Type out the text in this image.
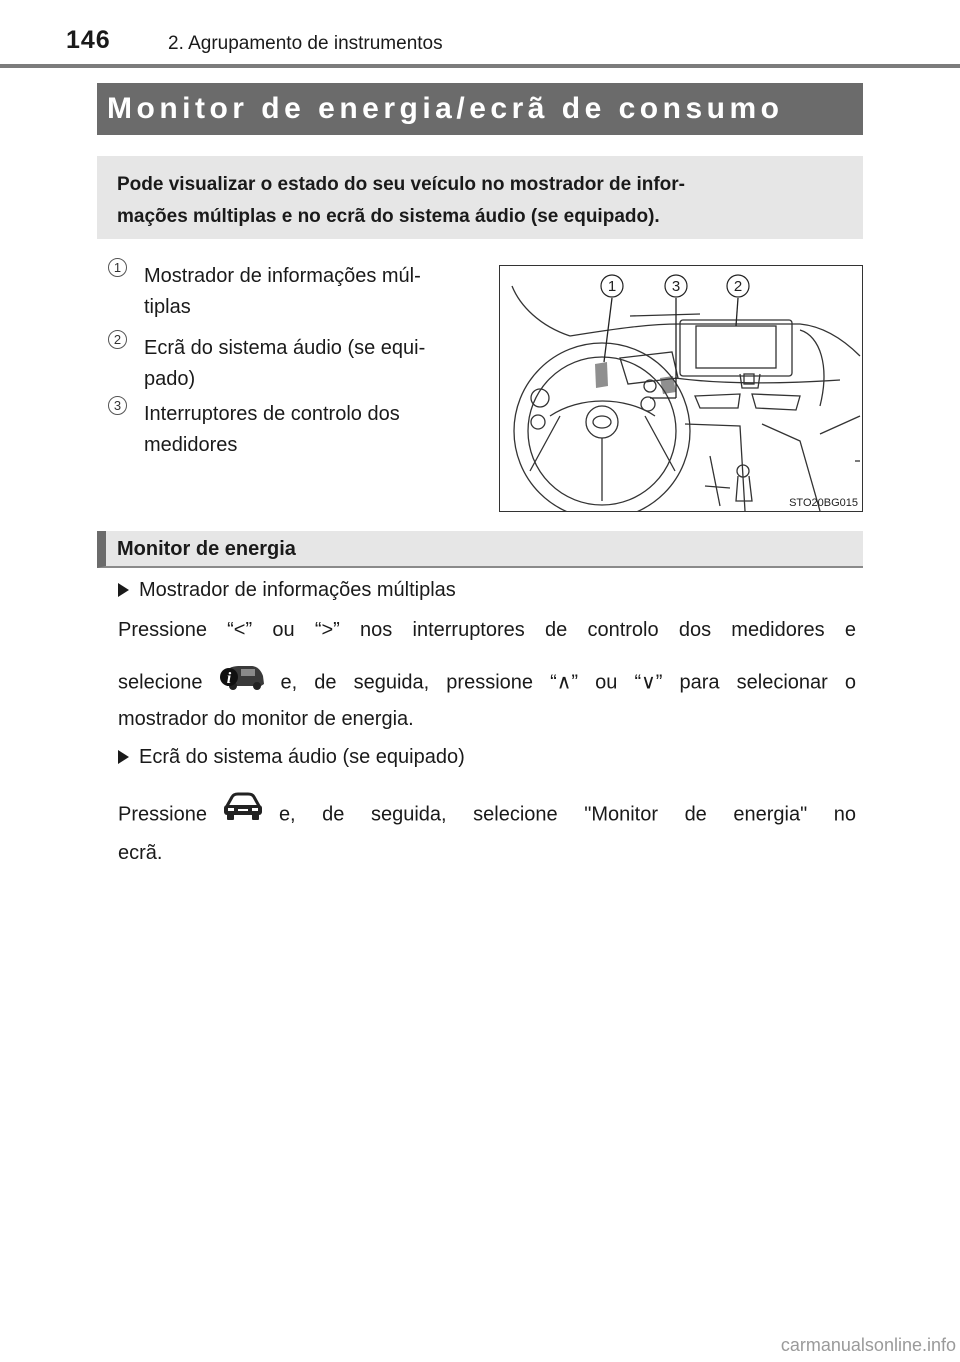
146	2. Agrupamento de instrumentos
Monitor de energia/ecrã de consumo
Pode visualizar o estado do seu veículo no mostrador de infor-
mações múltiplas e no ecrã do sistema áudio (se equipado).
1 Mostrador de informações múl-
tiplas
2 Ecrã do sistema áudio (se equi-
pado)
3 Interruptores de controlo dos
medidores
1	3	2
STO20BG015
Monitor de energia
Mostrador de informações múltiplas
Pressione “<” ou “>” nos interruptores de controlo dos medidores e
selecione i e, de seguida, pressione “∧” ou “∨” para selecionar o
mostrador do monitor de energia.
Ecrã do sistema áudio (se equipado)
Pressione	e, de seguida, selecione "Monitor de energia" no
ecrã.
carmanualsonline.info
